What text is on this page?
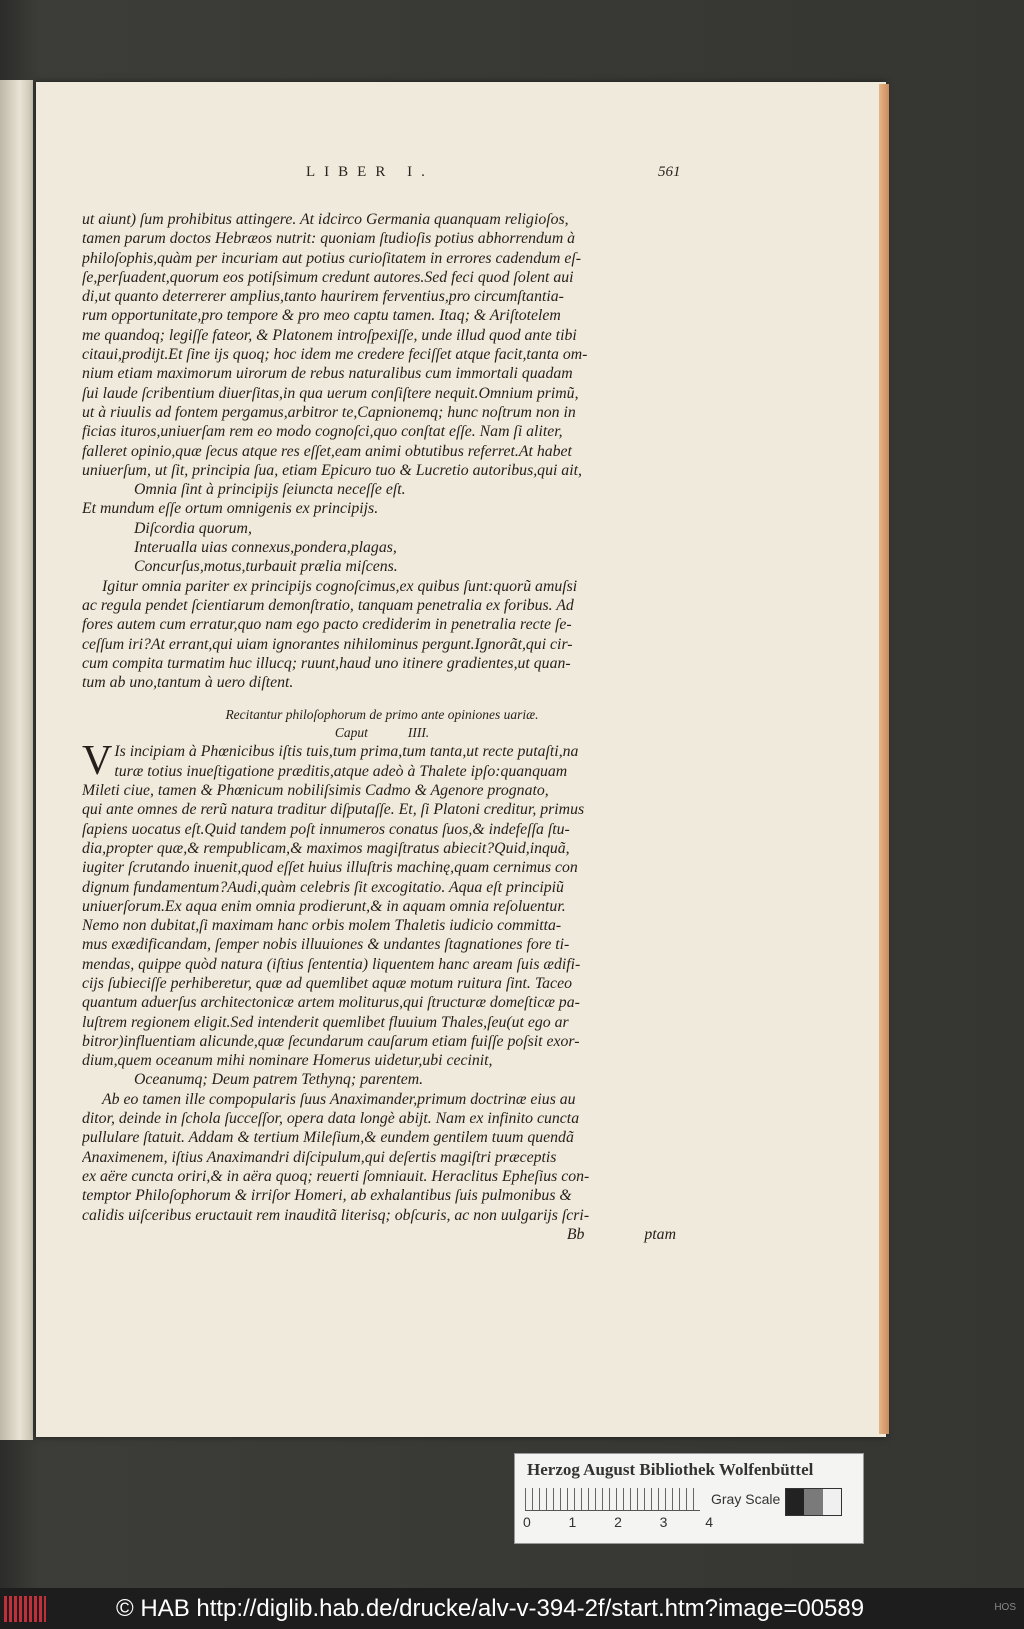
LIBER I.	561
ut aiunt) ſum prohibitus attingere. At idcirco Germania quanquam religioſos,
tamen parum doctos Hebræos nutrit: quoniam ſtudioſis potius abhorrendum à
philoſophis,quàm per incuriam aut potius curioſitatem in errores cadendum eſ-
ſe,perſuadent,quorum eos potiſsimum credunt autores.Sed feci quod ſolent aui
di,ut quanto deterrerer amplius,tanto haurirem ferventius,pro circumſtantia-
rum opportunitate,pro tempore & pro meo captu tamen. Itaq; & Ariſtotelem
me quandoq; legiſſe fateor, & Platonem introſpexiſſe, unde illud quod ante tibi
citaui,prodijt.Et ſine ijs quoq; hoc idem me credere feciſſet atque facit,tanta om-
nium etiam maximorum uirorum de rebus naturalibus cum immortali quadam
ſui laude ſcribentium diuerſitas,in qua uerum conſiſtere nequit.Omnium primũ,
ut à riuulis ad fontem pergamus,arbitror te,Capnionemq; hunc noſtrum non in
ficias ituros,uniuerſam rem eo modo cognoſci,quo conſtat eſſe. Nam ſi aliter,
falleret opinio,quæ ſecus atque res eſſet,eam animi obtutibus referret.At habet
uniuerſum, ut ſit, principia ſua, etiam Epicuro tuo & Lucretio autoribus,qui ait,
Omnia ſint à principijs ſeiuncta neceſſe eſt.
Et mundum eſſe ortum omnigenis ex principijs.
Diſcordia quorum,
Interualla uias connexus,pondera,plagas,
Concurſus,motus,turbauit prælia miſcens.
Igitur omnia pariter ex principijs cognoſcimus,ex quibus ſunt:quorũ amuſsi
ac regula pendet ſcientiarum demonſtratio, tanquam penetralia ex foribus. Ad
fores autem cum erratur,quo nam ego pacto crediderim in penetralia recte ſe-
ceſſum iri?At errant,qui uiam ignorantes nihilominus pergunt.Ignorãt,qui cir-
cum compita turmatim huc illucq; ruunt,haud uno itinere gradientes,ut quan-
tum ab uno,tantum à uero diſtent.
Recitantur philoſophorum de primo ante opiniones uariæ.
Caput	IIII.
V Is incipiam à Phœnicibus iſtis tuis,tum prima,tum tanta,ut recte putaſti,na
turæ totius inueſtigatione præditis,atque adeò à Thalete ipſo:quanquam
Mileti ciue, tamen & Phœnicum nobiliſsimis Cadmo & Agenore prognato,
qui ante omnes de rerũ natura traditur diſputaſſe. Et, ſi Platoni creditur, primus
ſapiens uocatus eſt.Quid tandem poſt innumeros conatus ſuos,& indefeſſa ſtu-
dia,propter quæ,& rempublicam,& maximos magiſtratus abiecit?Quid,inquã,
iugiter ſcrutando inuenit,quod eſſet huius illuſtris machinę,quam cernimus con
dignum fundamentum?Audi,quàm celebris ſit excogitatio. Aqua eſt principiũ
uniuerſorum.Ex aqua enim omnia prodierunt,& in aquam omnia reſoluentur.
Nemo non dubitat,ſi maximam hanc orbis molem Thaletis iudicio committa-
mus exædificandam, ſemper nobis illuuiones & undantes ſtagnationes fore ti-
mendas, quippe quòd natura (iſtius ſententia) liquentem hanc aream ſuis ædifi-
cijs ſubieciſſe perhiberetur, quæ ad quemlibet aquæ motum ruitura ſint. Taceo
quantum aduerſus architectonicæ artem moliturus,qui ſtructuræ domeſticæ pa-
luſtrem regionem eligit.Sed intenderit quemlibet fluuium Thales,ſeu(ut ego ar
bitror)influentiam alicunde,quæ ſecundarum cauſarum etiam fuiſſe poſsit exor-
dium,quem oceanum mihi nominare Homerus uidetur,ubi cecinit,
Oceanumq; Deum patrem Tethynq; parentem.
Ab eo tamen ille compopularis ſuus Anaximander,primum doctrinæ eius au
ditor, deinde in ſchola ſucceſſor, opera data longè abijt. Nam ex infinito cuncta
pullulare ſtatuit. Addam & tertium Mileſium,& eundem gentilem tuum quendã
Anaximenem, iſtius Anaximandri diſcipulum,qui deſertis magiſtri præceptis
ex aëre cuncta oriri,& in aëra quoq; reuerti ſomniauit. Heraclitus Epheſius con-
temptor Philoſophorum & irriſor Homeri, ab exhalantibus ſuis pulmonibus &
calidis uiſceribus eructauit rem inauditã literisq; obſcuris, ac non uulgarijs ſcri-
Bb	ptam
Herzog August Bibliothek Wolfenbüttel
0	1	2	3	4
Gray Scale
© HAB http://diglib.hab.de/drucke/alv-v-394-2f/start.htm?image=00589	HOS
